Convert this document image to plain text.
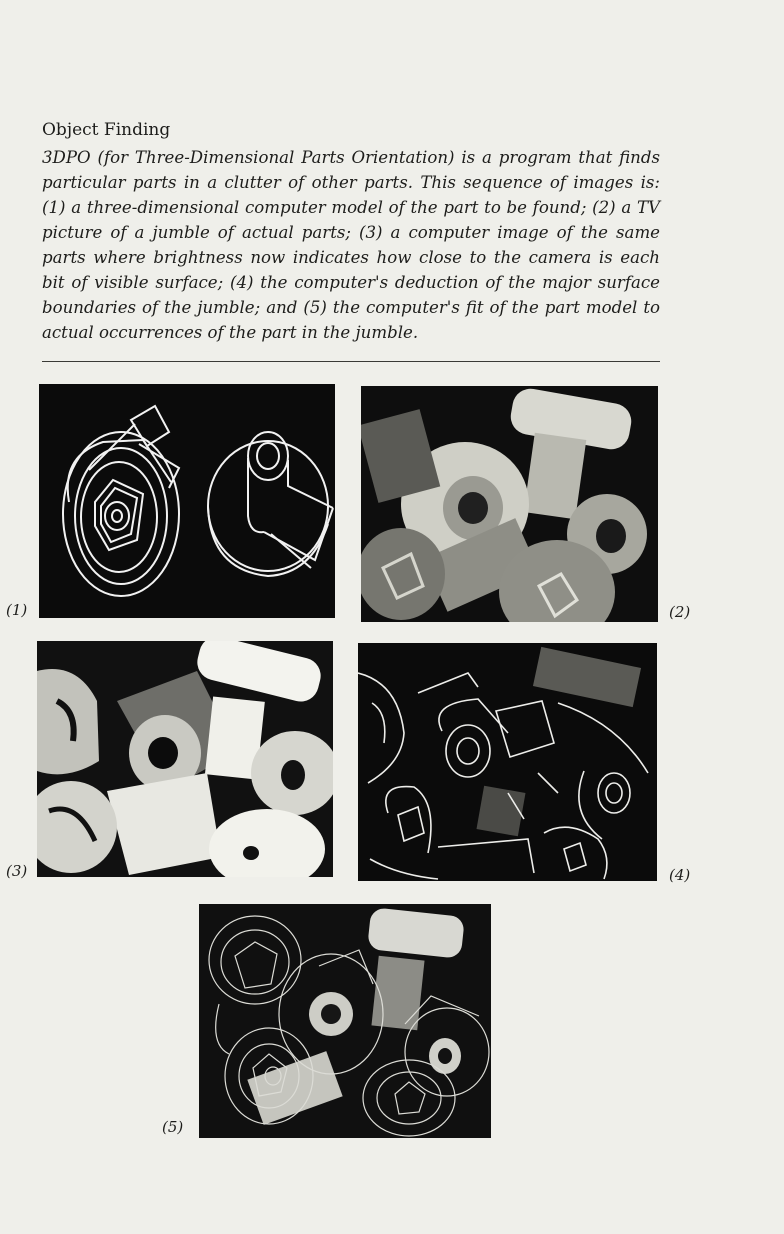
Object Finding

3DPO (for Three-Dimensional Parts Orientation) is a program that finds particular parts in a clutter of other parts. This sequence of images is: (1) a three-dimensional computer model of the part to be found; (2) a TV picture of a jumble of actual parts; (3) a computer image of the same parts where brightness now indicates how close to the camera is each bit of visible surface; (4) the computer's deduction of the major surface boundaries of the jumble; and (5) the computer's fit of the part model to actual occurrences of the part in the jumble.

(1)	(2)
(3)	(4)
(5)
